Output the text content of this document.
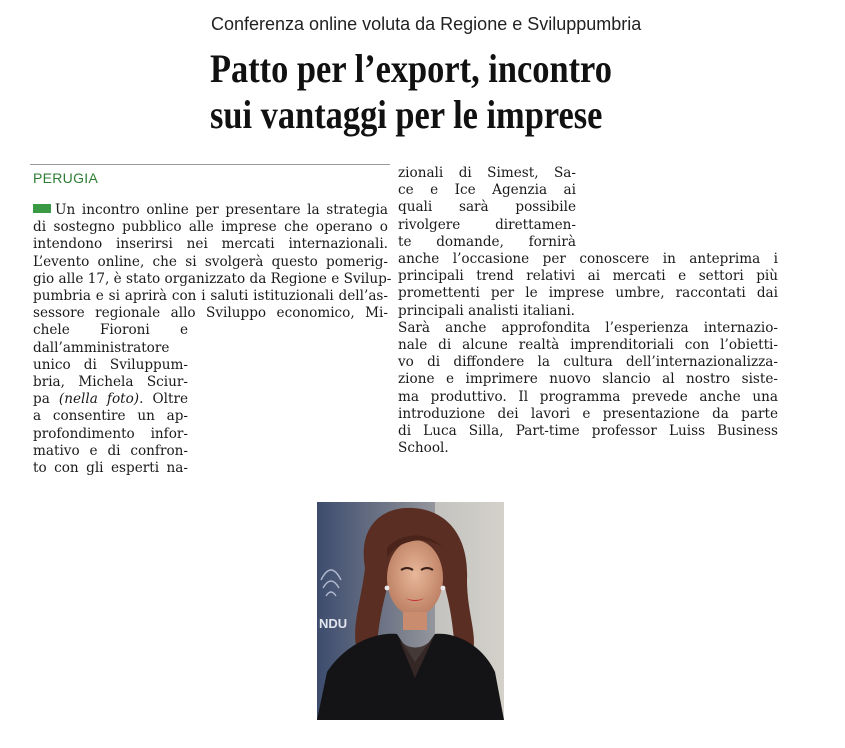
Conferenza online voluta da Regione e Sviluppumbria
Patto per l’export, incontro
sui vantaggi per le imprese
PERUGIA

Un incontro online per presentare la strategia

di sostegno pubblico alle imprese che operano o

intendono inserirsi nei mercati internazionali.

L’evento online, che si svolgerà questo pomerig-

gio alle 17, è stato organizzato da Regione e Svilup-

pumbria e si aprirà con i saluti istituzionali dell’as-

sessore regionale allo Sviluppo economico, Mi-

chele Fioroni e

dall’amministratore

unico di Sviluppum-

bria, Michela Sciur-

pa (nella foto). Oltre

a consentire un ap-

profondimento infor-

mativo e di confron-

to con gli esperti na-

zionali di Simest, Sa-

ce e Ice Agenzia ai

quali sarà possibile

rivolgere direttamen-

te domande, fornirà

anche l’occasione per conoscere in anteprima i

principali trend relativi ai mercati e settori più

promettenti per le imprese umbre, raccontati dai

principali analisti italiani.

Sarà anche approfondita l’esperienza internazio-

nale di alcune realtà imprenditoriali con l’obietti-

vo di diffondere la cultura dell’internazionalizza-

zione e imprimere nuovo slancio al nostro siste-

ma produttivo. Il programma prevede anche una

introduzione dei lavori e presentazione da parte

di Luca Silla, Part-time professor Luiss Business

School.

NDU
